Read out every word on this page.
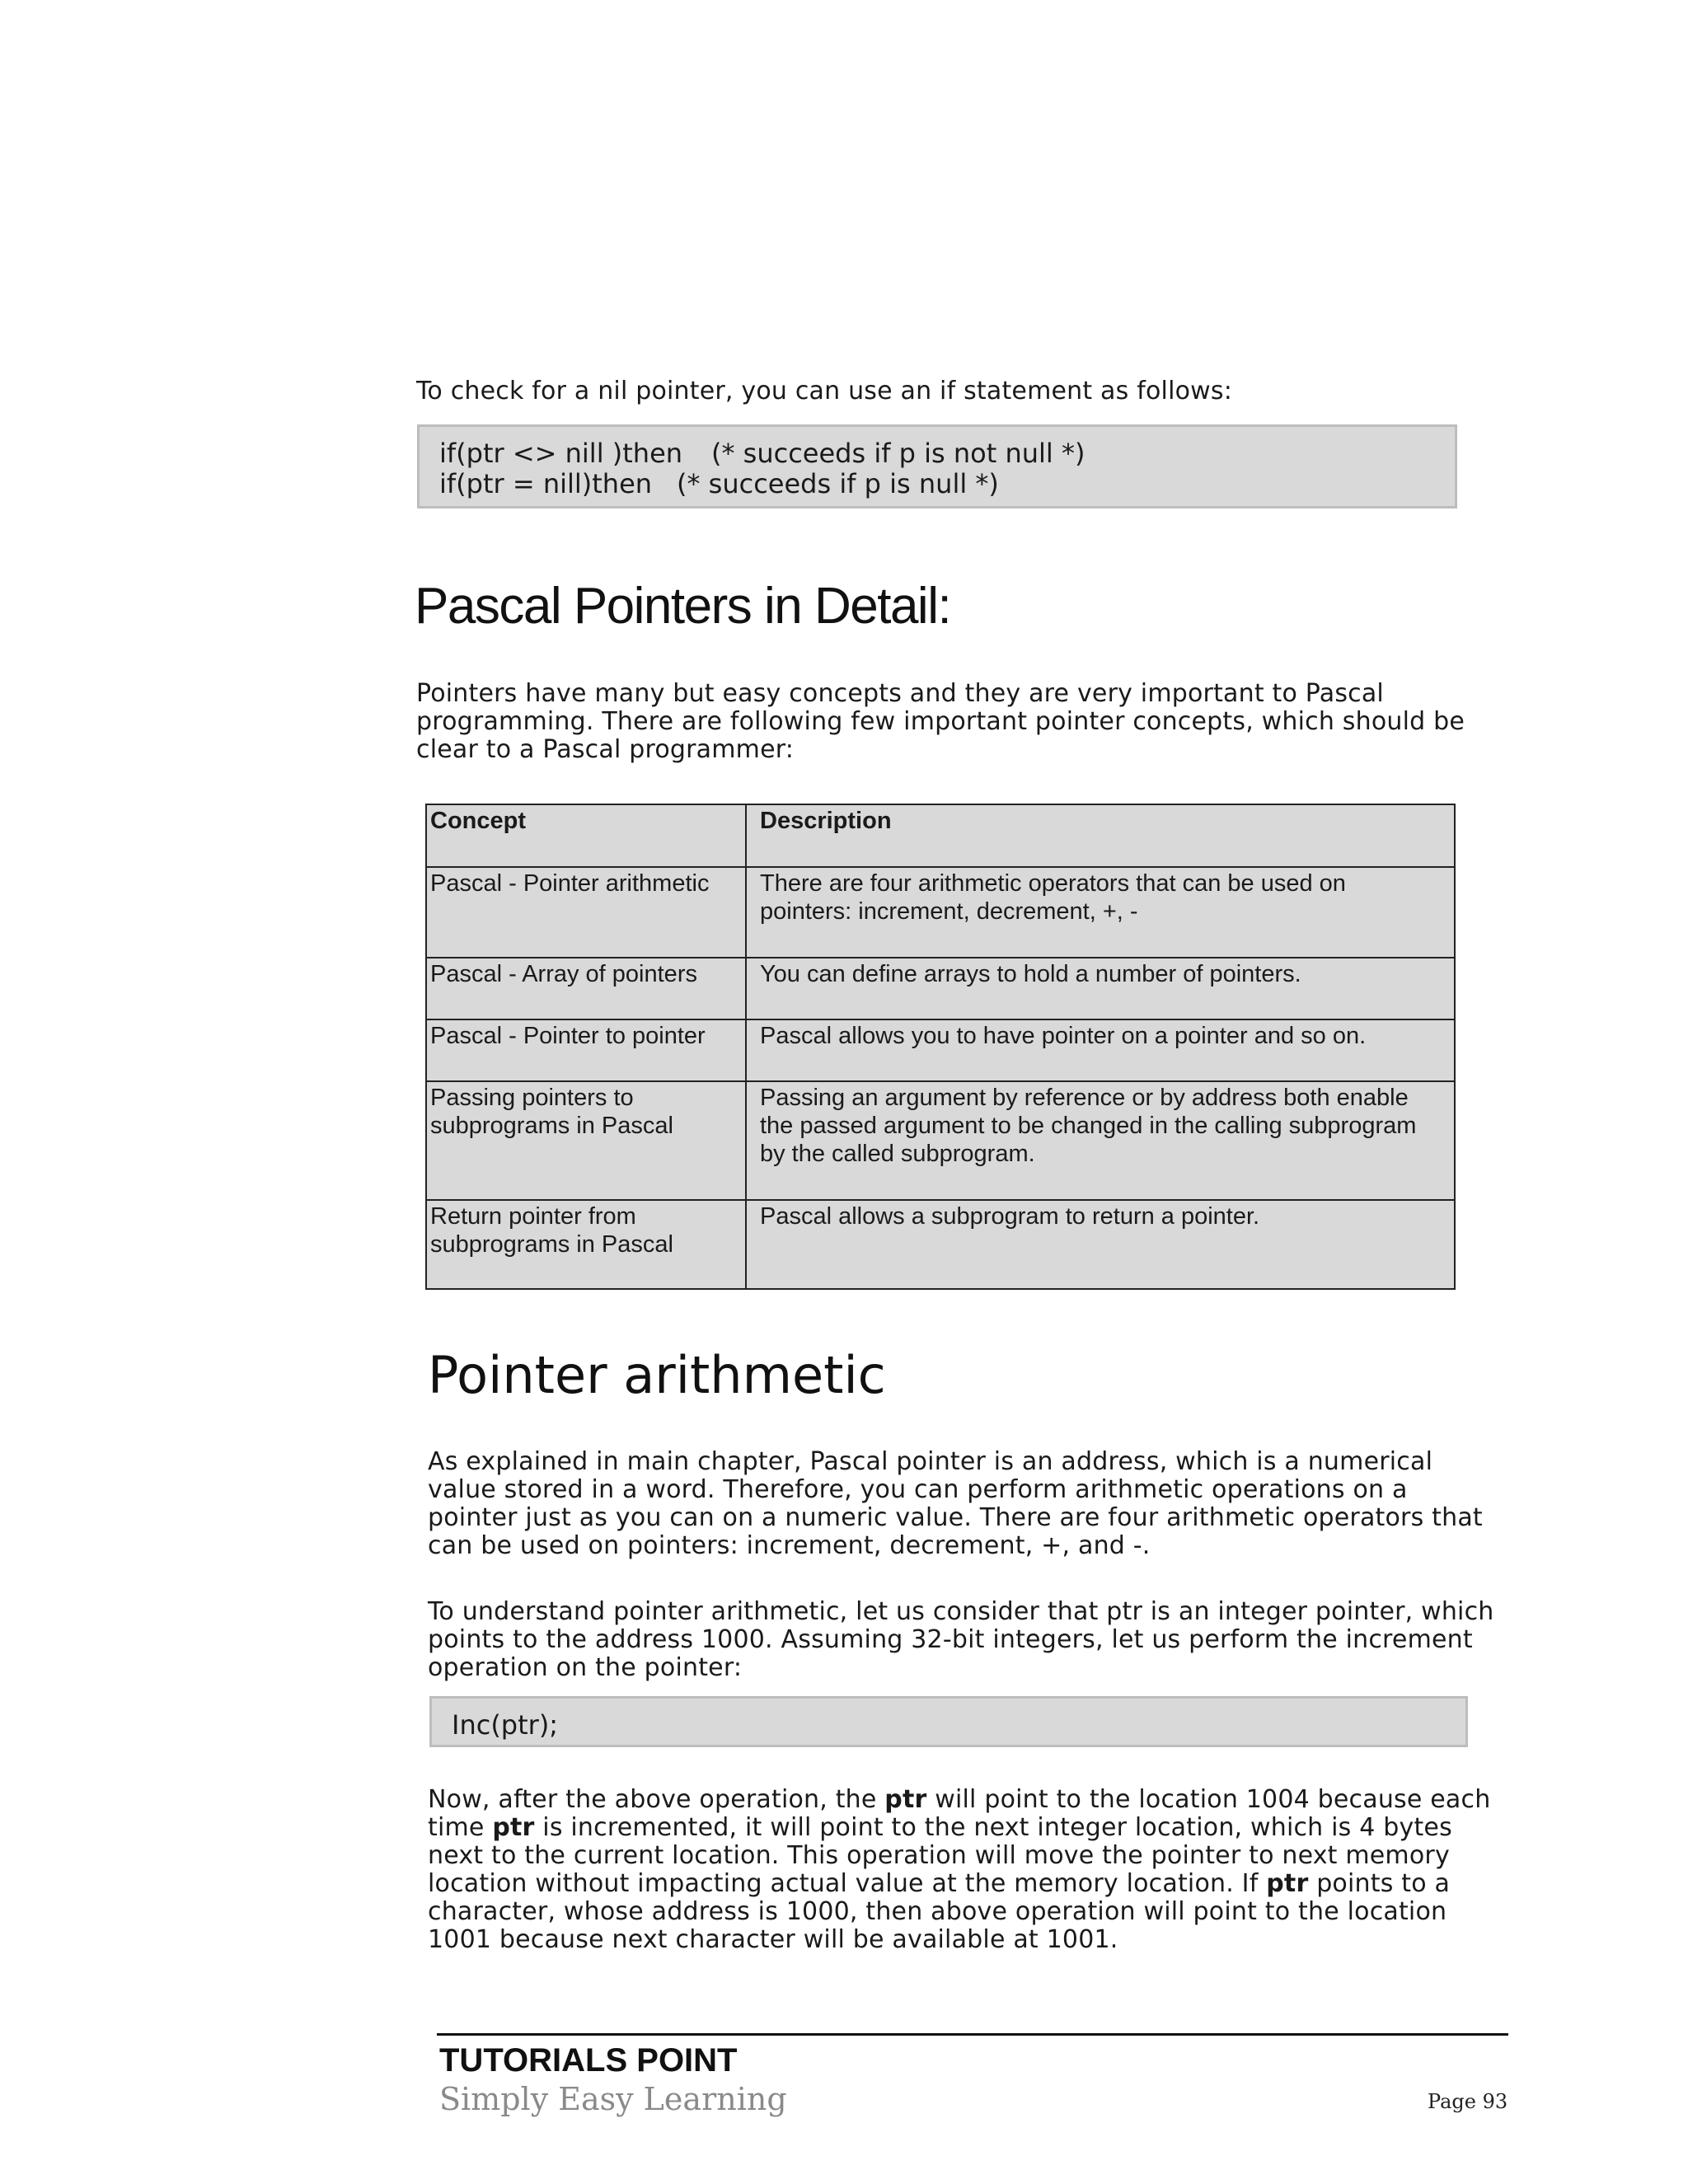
To check for a nil pointer, you can use an if statement as follows:
if(ptr <> nill )then (* succeeds if p is not null *)
if(ptr = nill)then (* succeeds if p is null *)
Pascal Pointers in Detail:
Pointers have many but easy concepts and they are very important to Pascal programming. There are following few important pointer concepts, which should be clear to a Pascal programmer:
Concept	Description
Pascal - Pointer arithmetic	There are four arithmetic operators that can be used on pointers: increment, decrement, +, -
Pascal - Array of pointers	You can define arrays to hold a number of pointers.
Pascal - Pointer to pointer	Pascal allows you to have pointer on a pointer and so on.
Passing pointers to subprograms in Pascal	Passing an argument by reference or by address both enable the passed argument to be changed in the calling subprogram by the called subprogram.
Return pointer from subprograms in Pascal	Pascal allows a subprogram to return a pointer.
Pointer arithmetic
As explained in main chapter, Pascal pointer is an address, which is a numerical value stored in a word. Therefore, you can perform arithmetic operations on a pointer just as you can on a numeric value. There are four arithmetic operators that can be used on pointers: increment, decrement, +, and -.
To understand pointer arithmetic, let us consider that ptr is an integer pointer, which points to the address 1000. Assuming 32-bit integers, let us perform the increment operation on the pointer:
Inc(ptr);
Now, after the above operation, the ptr will point to the location 1004 because each time ptr is incremented, it will point to the next integer location, which is 4 bytes next to the current location. This operation will move the pointer to next memory location without impacting actual value at the memory location. If ptr points to a character, whose address is 1000, then above operation will point to the location 1001 because next character will be available at 1001.
TUTORIALS POINT
Simply Easy Learning	Page 93
